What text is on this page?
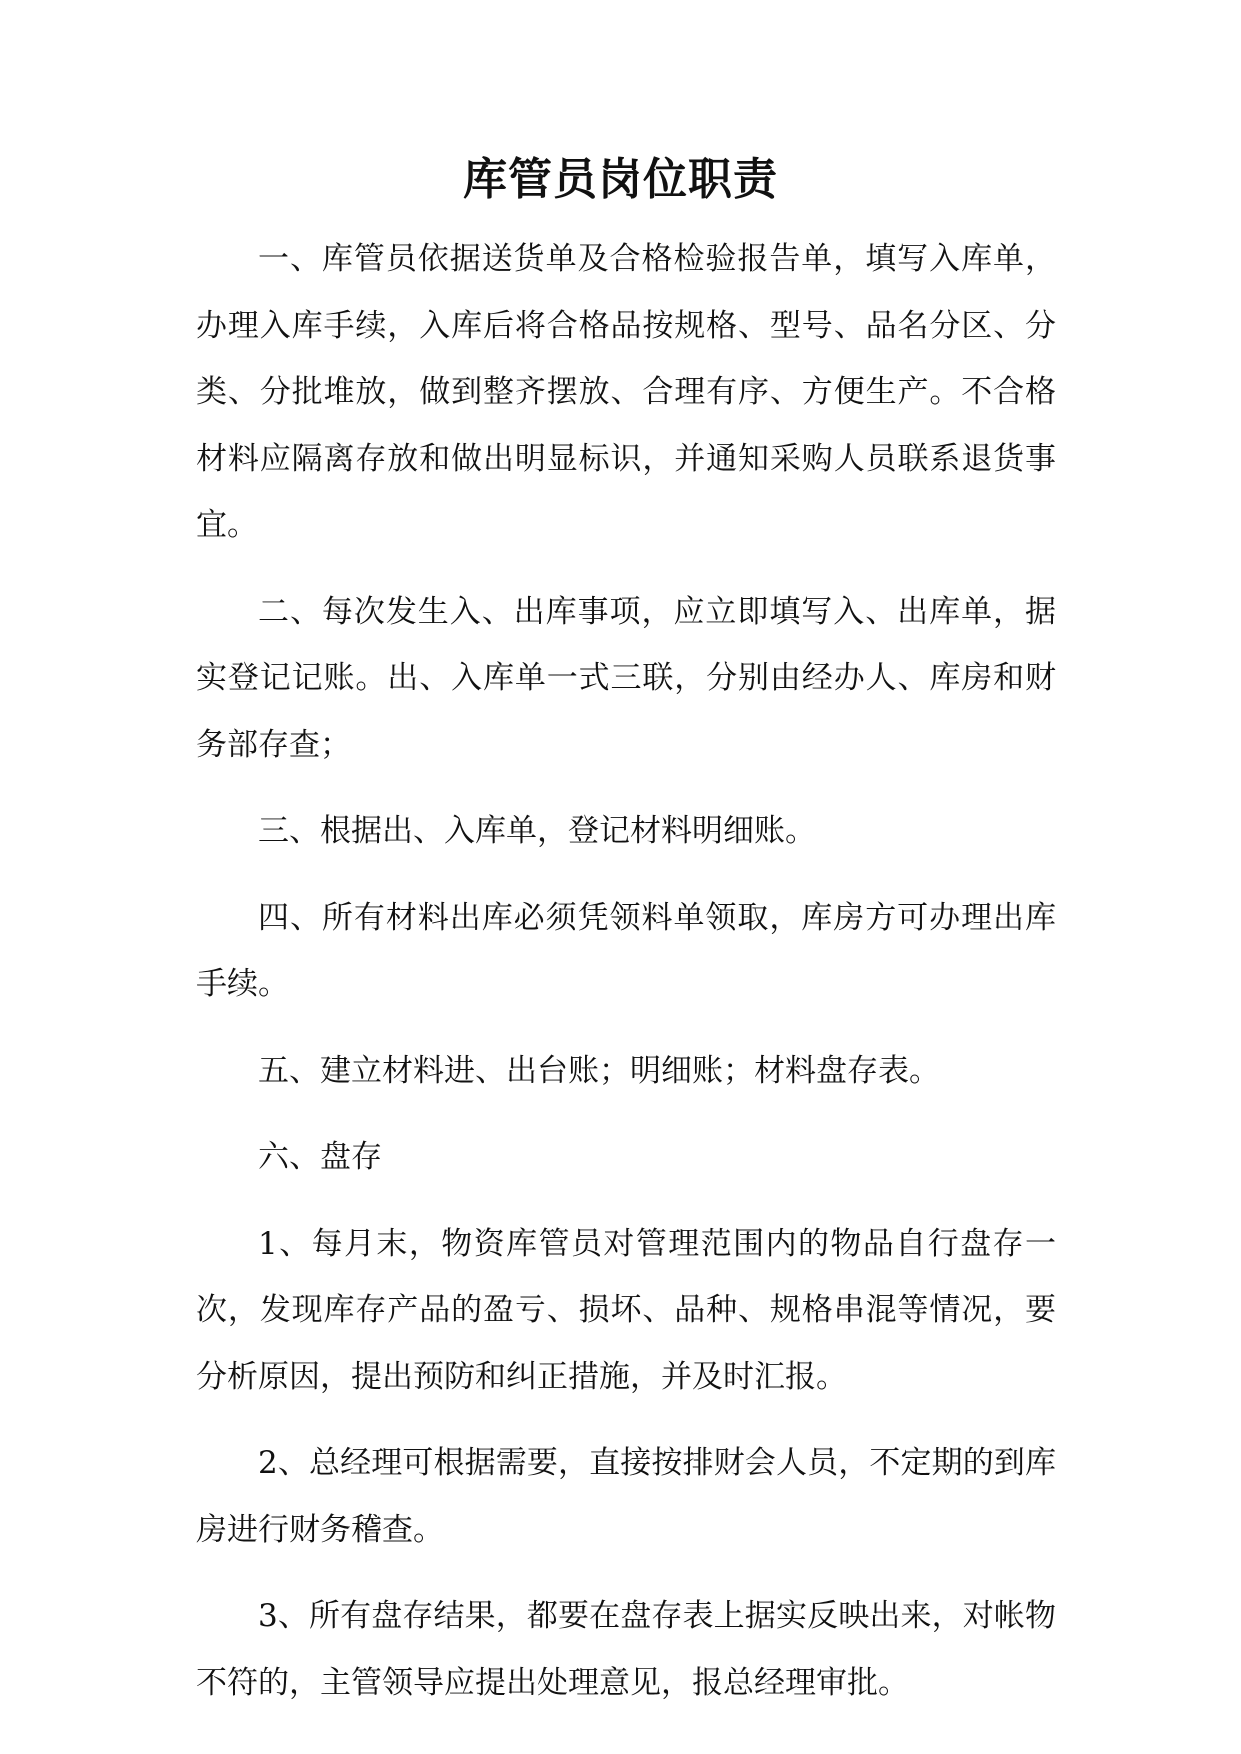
库管员岗位职责

一、库管员依据送货单及合格检验报告单，填写入库单，办理入库手续，入库后将合格品按规格、型号、品名分区、分类、分批堆放，做到整齐摆放、合理有序、方便生产。不合格材料应隔离存放和做出明显标识，并通知采购人员联系退货事宜。

二、每次发生入、出库事项，应立即填写入、出库单，据实登记记账。出、入库单一式三联，分别由经办人、库房和财务部存查；

三、根据出、入库单，登记材料明细账。

四、所有材料出库必须凭领料单领取，库房方可办理出库手续。

五、建立材料进、出台账；明细账；材料盘存表。

六、盘存

1、每月末，物资库管员对管理范围内的物品自行盘存一次，发现库存产品的盈亏、损坏、品种、规格串混等情况，要分析原因，提出预防和纠正措施，并及时汇报。

2、总经理可根据需要，直接按排财会人员，不定期的到库房进行财务稽查。

3、所有盘存结果，都要在盘存表上据实反映出来，对帐物不符的，主管领导应提出处理意见，报总经理审批。
